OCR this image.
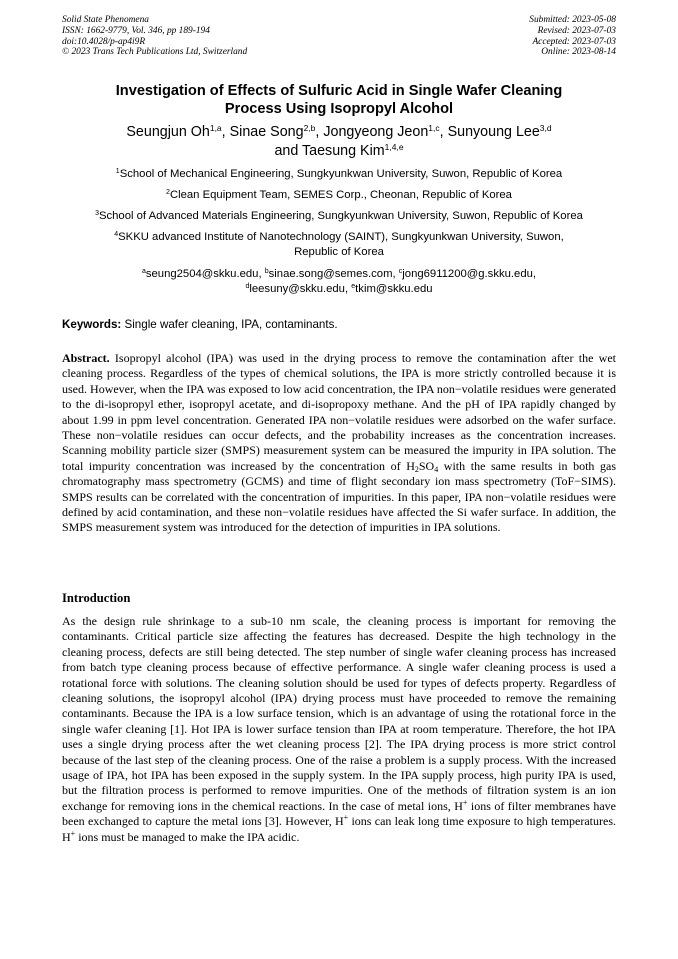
Solid State Phenomena
ISSN: 1662-9779, Vol. 346, pp 189-194
doi:10.4028/p-ap4i9R
© 2023 Trans Tech Publications Ltd, Switzerland
Submitted: 2023-05-08
Revised: 2023-07-03
Accepted: 2023-07-03
Online: 2023-08-14
Investigation of Effects of Sulfuric Acid in Single Wafer Cleaning
Process Using Isopropyl Alcohol
Seungjun Oh$^{1,a}$, Sinae Song$^{2,b}$, Jongyeong Jeon$^{1,c}$, Sunyoung Lee$^{3,d}$
and Taesung Kim$^{1,4,e}$
$^1$School of Mechanical Engineering, Sungkyunkwan University, Suwon, Republic of Korea
$^2$Clean Equipment Team, SEMES Corp., Cheonan, Republic of Korea
$^3$School of Advanced Materials Engineering, Sungkyunkwan University, Suwon, Republic of Korea
$^4$SKKU advanced Institute of Nanotechnology (SAINT), Sungkyunkwan University, Suwon,
Republic of Korea
$^a$seung2504@skku.edu, $^b$sinae.song@semes.com, $^c$jong6911200@g.skku.edu,
$^d$leesuny@skku.edu, $^e$tkim@skku.edu
Keywords: Single wafer cleaning, IPA, contaminants.
Abstract. Isopropyl alcohol (IPA) was used in the drying process to remove the contamination after the wet cleaning process. Regardless of the types of chemical solutions, the IPA is more strictly controlled because it is used. However, when the IPA was exposed to low acid concentration, the IPA non−volatile residues were generated to the di-isopropyl ether, isopropyl acetate, and di-isopropoxy methane. And the pH of IPA rapidly changed by about 1.99 in ppm level concentration. Generated IPA non−volatile residues were adsorbed on the wafer surface. These non−volatile residues can occur defects, and the probability increases as the concentration increases. Scanning mobility particle sizer (SMPS) measurement system can be measured the impurity in IPA solution. The total impurity concentration was increased by the concentration of $H_2SO_4$ with the same results in both gas chromatography mass spectrometry (GCMS) and time of flight secondary ion mass spectrometry (ToF−SIMS). SMPS results can be correlated with the concentration of impurities. In this paper, IPA non−volatile residues were defined by acid contamination, and these non−volatile residues have affected the Si wafer surface. In addition, the SMPS measurement system was introduced for the detection of impurities in IPA solutions.
Introduction
As the design rule shrinkage to a sub-10 nm scale, the cleaning process is important for removing the contaminants. Critical particle size affecting the features has decreased. Despite the high technology in the cleaning process, defects are still being detected. The step number of single wafer cleaning process has increased from batch type cleaning process because of effective performance. A single wafer cleaning process is used a rotational force with solutions. The cleaning solution should be used for types of defects property. Regardless of cleaning solutions, the isopropyl alcohol (IPA) drying process must have proceeded to remove the remaining contaminants. Because the IPA is a low surface tension, which is an advantage of using the rotational force in the single wafer cleaning [1]. Hot IPA is lower surface tension than IPA at room temperature. Therefore, the hot IPA uses a single drying process after the wet cleaning process [2]. The IPA drying process is more strict control because of the last step of the cleaning process. One of the raise a problem is a supply process. With the increased usage of IPA, hot IPA has been exposed in the supply system. In the IPA supply process, high purity IPA is used, but the filtration process is performed to remove impurities. One of the methods of filtration system is an ion exchange for removing ions in the chemical reactions. In the case of metal ions, H+ ions of filter membranes have been exchanged to capture the metal ions [3]. However, H+ ions can leak long time exposure to high temperatures. H+ ions must be managed to make the IPA acidic.
